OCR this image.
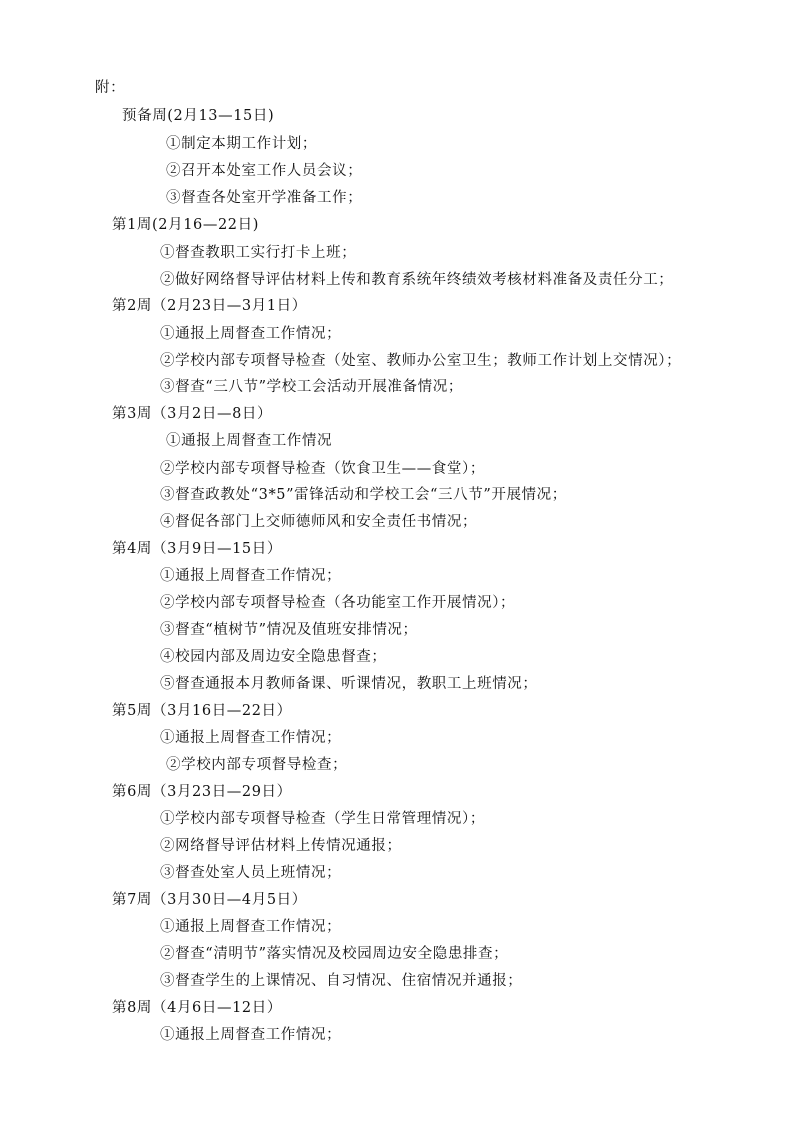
附：
预备周(2月13—15日)
①制定本期工作计划；
②召开本处室工作人员会议；
③督查各处室开学准备工作；
第1周(2月16—22日)
①督查教职工实行打卡上班；
②做好网络督导评估材料上传和教育系统年终绩效考核材料准备及责任分工；
第2周（2月23日—3月1日）
①通报上周督查工作情况；
②学校内部专项督导检查（处室、教师办公室卫生；教师工作计划上交情况）；
③督查“三八节”学校工会活动开展准备情况；
第3周（3月2日—8日）
①通报上周督查工作情况
②学校内部专项督导检查（饮食卫生——食堂）；
③督查政教处“3*5”雷锋活动和学校工会“三八节”开展情况；
④督促各部门上交师德师风和安全责任书情况；
第4周（3月9日—15日）
①通报上周督查工作情况；
②学校内部专项督导检查（各功能室工作开展情况）；
③督查“植树节”情况及值班安排情况；
④校园内部及周边安全隐患督查；
⑤督查通报本月教师备课、听课情况，教职工上班情况；
第5周（3月16日—22日）
①通报上周督查工作情况；
②学校内部专项督导检查；
第6周（3月23日—29日）
①学校内部专项督导检查（学生日常管理情况）；
②网络督导评估材料上传情况通报；
③督查处室人员上班情况；
第7周（3月30日—4月5日）
①通报上周督查工作情况；
②督查“清明节”落实情况及校园周边安全隐患排查；
③督查学生的上课情况、自习情况、住宿情况并通报；
第8周（4月6日—12日）
①通报上周督查工作情况；
